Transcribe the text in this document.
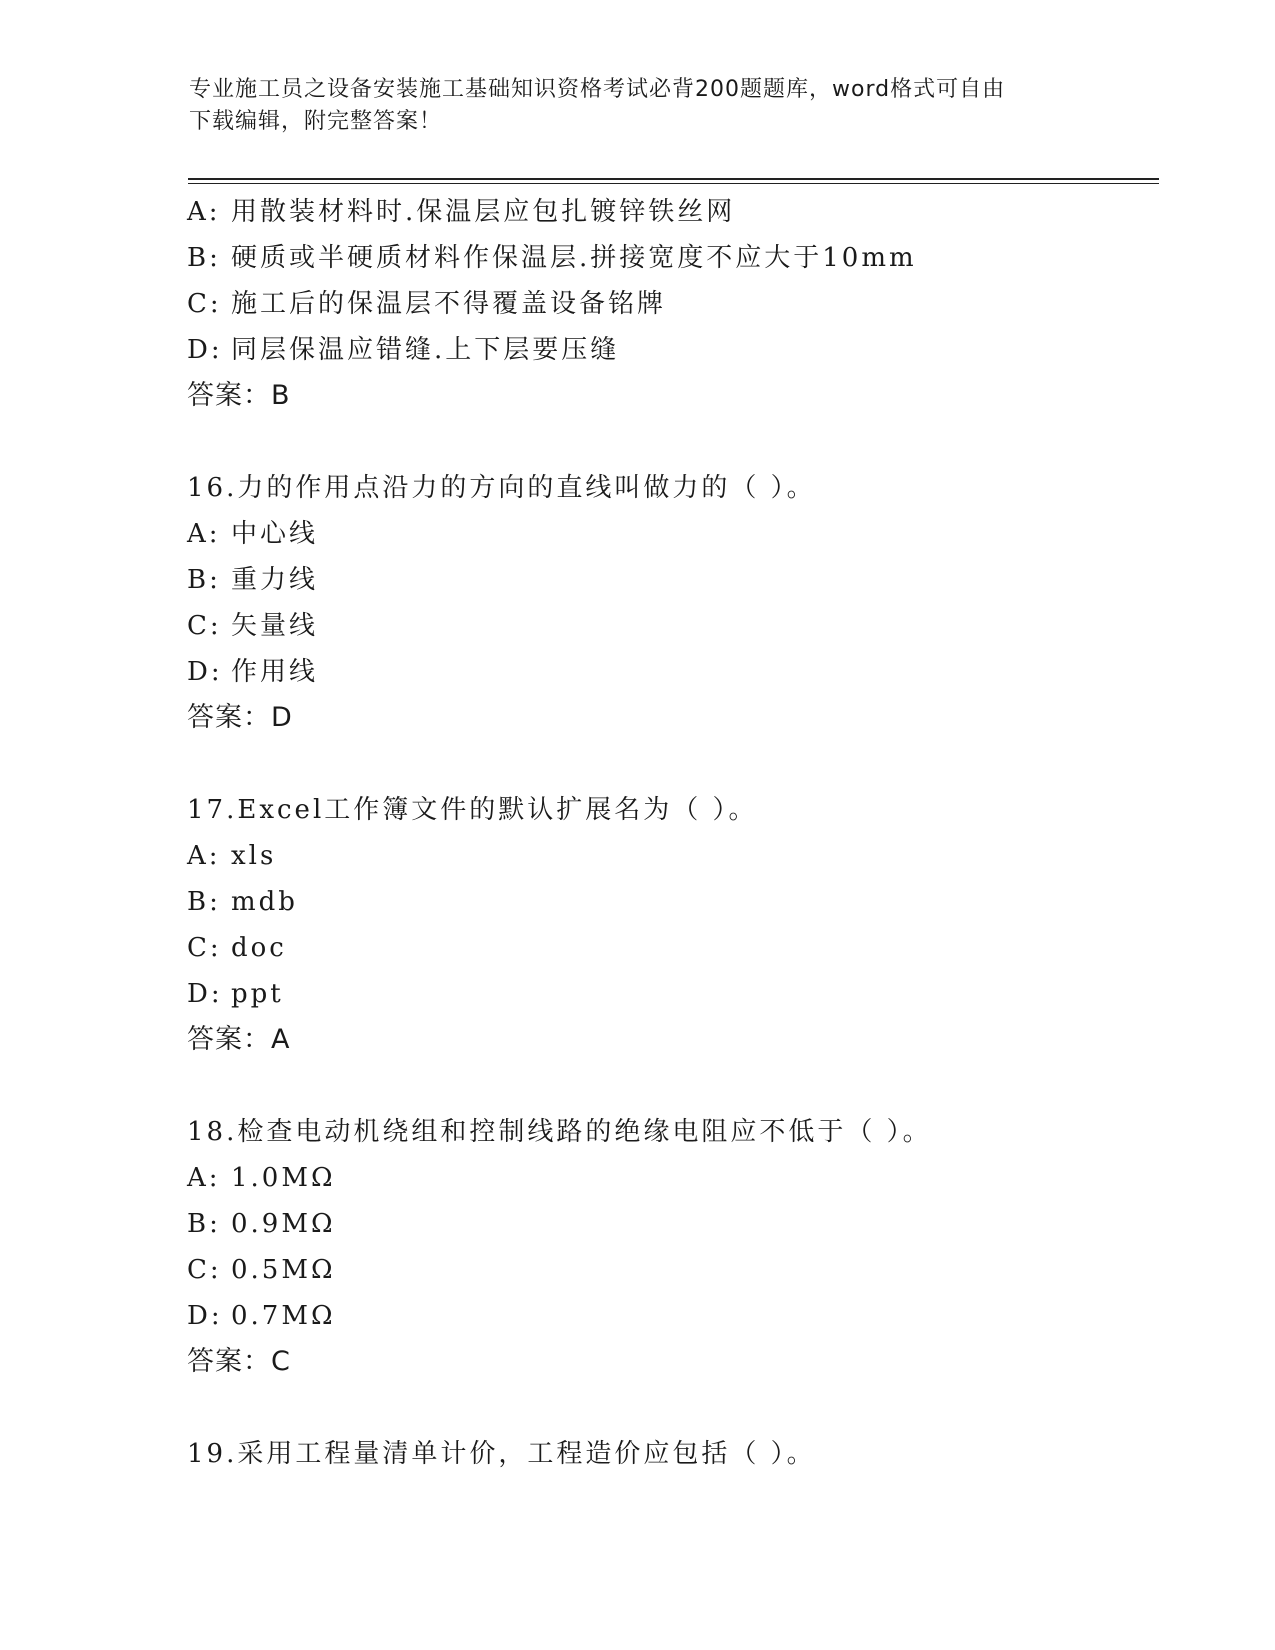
专业施工员之设备安装施工基础知识资格考试必背200题题库，word格式可自由
下载编辑，附完整答案！
A: 用散装材料时.保温层应包扎镀锌铁丝网
B: 硬质或半硬质材料作保温层.拼接宽度不应大于10mm
C: 施工后的保温层不得覆盖设备铭牌
D: 同层保温应错缝.上下层要压缝
答案：B
16.力的作用点沿力的方向的直线叫做力的（ ）。
A: 中心线
B: 重力线
C: 矢量线
D: 作用线
答案：D
17.Excel工作簿文件的默认扩展名为（ ）。
A: xls
B: mdb
C: doc
D: ppt
答案：A
18.检查电动机绕组和控制线路的绝缘电阻应不低于（ ）。
A: 1.0MΩ
B: 0.9MΩ
C: 0.5MΩ
D: 0.7MΩ
答案：C
19.采用工程量清单计价，工程造价应包括（ ）。
